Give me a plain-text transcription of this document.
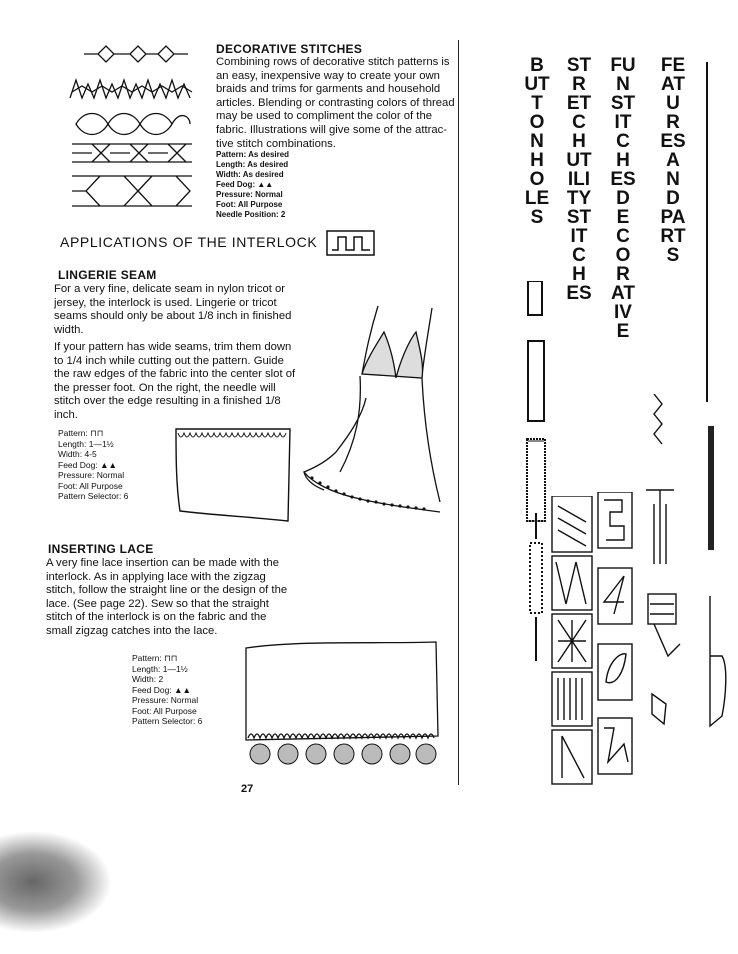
DECORATIVE STITCHES
Combining rows of decorative stitch patterns is
an easy, inexpensive way to create your own
braids and trims for garments and household
articles. Blending or contrasting colors of thread
may be used to compliment the color of the
fabric. Illustrations will give some of the attrac-
tive stitch combinations.
Pattern: As desired
Length: As desired
Width: As desired
Feed Dog: ▲▲
Pressure: Normal
Foot: All Purpose
Needle Position: 2
APPLICATIONS OF THE INTERLOCK
LINGERIE SEAM
For a very fine, delicate seam in nylon tricot or
jersey, the interlock is used. Lingerie or tricot
seams should only be about 1/8 inch in finished
width.
If your pattern has wide seams, trim them down
to 1/4 inch while cutting out the pattern. Guide
the raw edges of the fabric into the center slot of
the presser foot. On the right, the needle will
stitch over the edge resulting in a finished 1/8
inch.
Pattern: ⊓⊓
Length: 1—1½
Width: 4-5
Feed Dog: ▲▲
Pressure: Normal
Foot: All Purpose
Pattern Selector: 6
INSERTING LACE
A very fine lace insertion can be made with the
interlock. As in applying lace with the zigzag
stitch, follow the straight line or the design of the
lace. (See page 22). Sew so that the straight
stitch of the interlock is on the fabric and the
small zigzag catches into the lace.
Pattern: ⊓⊓
Length: 1—1½
Width: 2
Feed Dog: ▲▲
Pressure: Normal
Foot: All Purpose
Pattern Selector: 6
27
BUTTONHOLES
STRETCH UTILITY STITCHES
FUN STITCHES DECORATIVE
FEATURES AND PARTS
